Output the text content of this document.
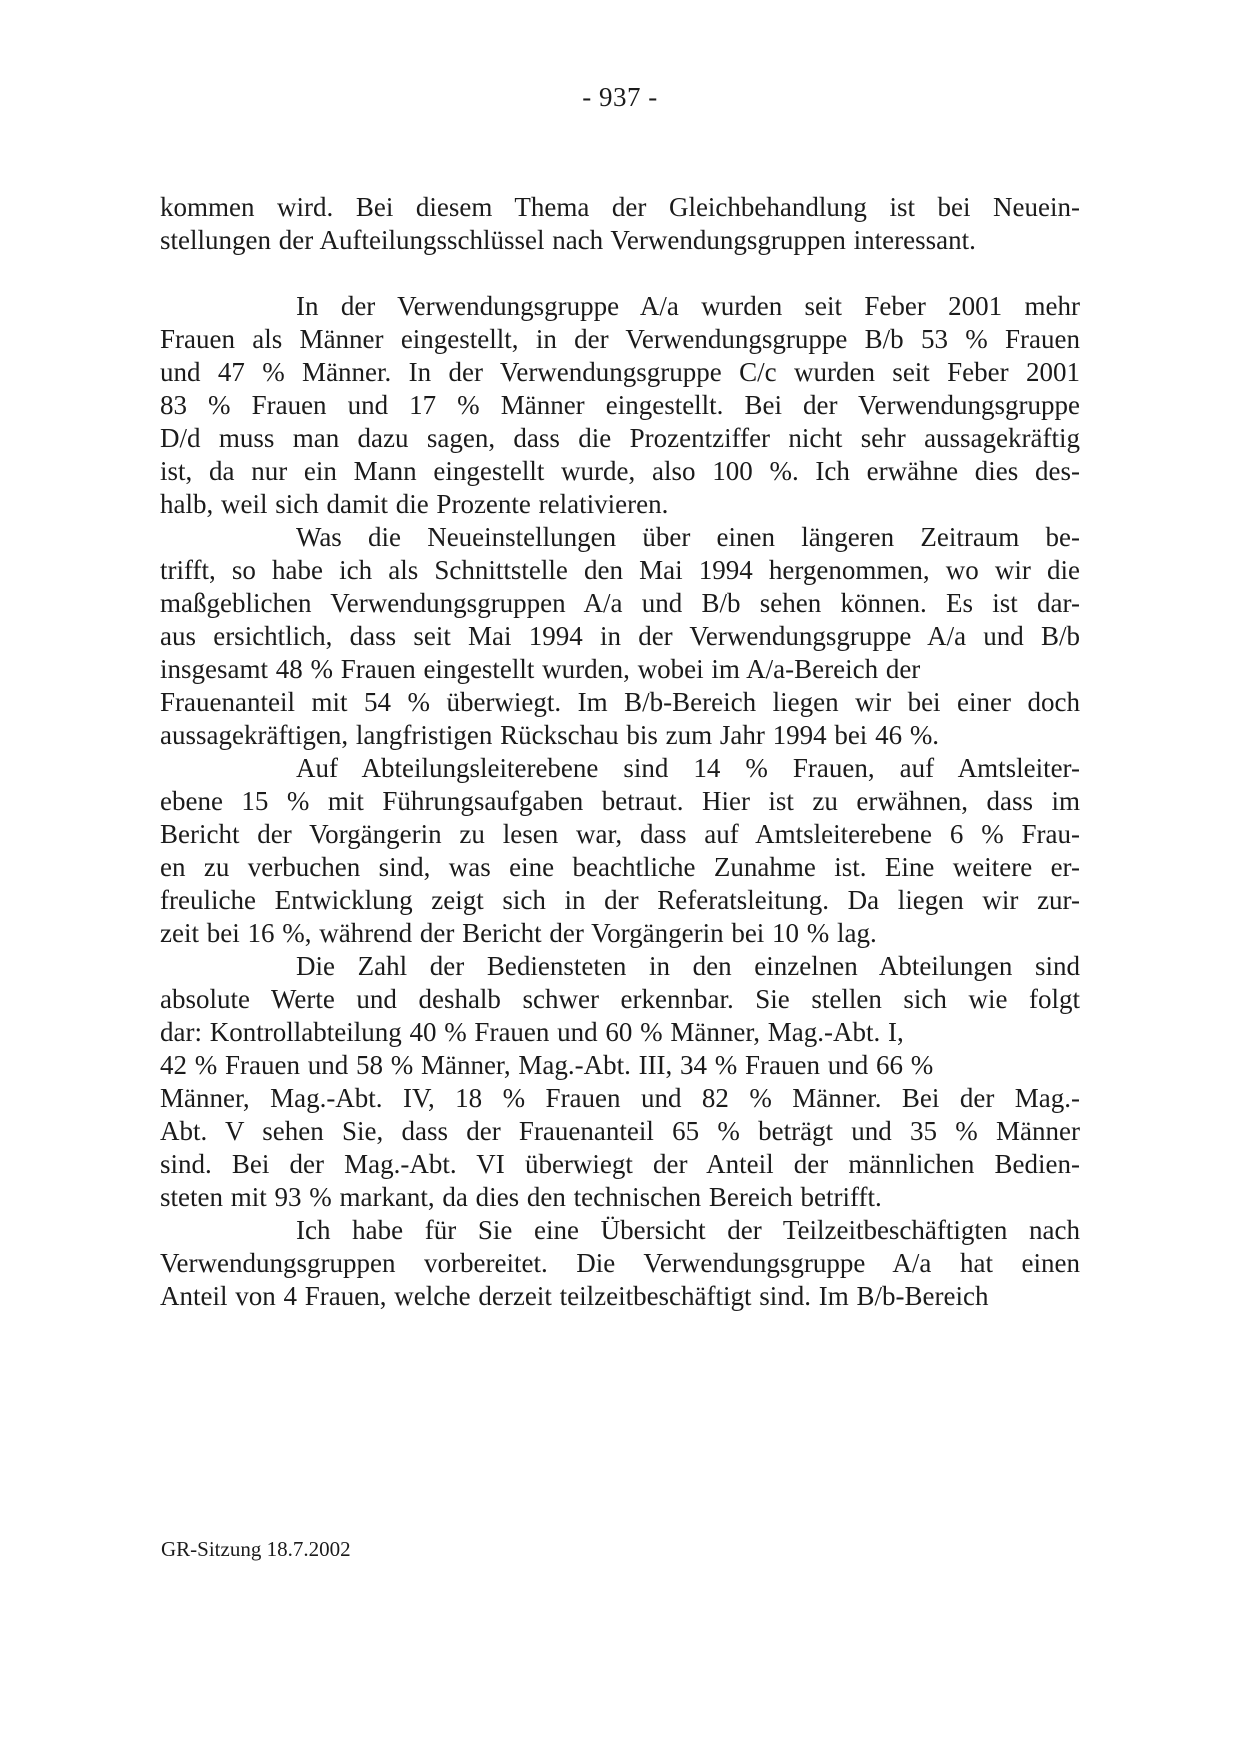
- 937 -
kommen wird. Bei diesem Thema der Gleichbehandlung ist bei Neuein-
stellungen der Aufteilungsschlüssel nach Verwendungsgruppen interessant.
In der Verwendungsgruppe A/a wurden seit Feber 2001 mehr
Frauen als Männer eingestellt, in der Verwendungsgruppe B/b 53 % Frauen
und 47 % Männer. In der Verwendungsgruppe C/c wurden seit Feber 2001
83 % Frauen und 17 % Männer eingestellt. Bei der Verwendungsgruppe
D/d muss man dazu sagen, dass die Prozentziffer nicht sehr aussagekräftig
ist, da nur ein Mann eingestellt wurde, also 100 %. Ich erwähne dies des-
halb, weil sich damit die Prozente relativieren.
Was die Neueinstellungen über einen längeren Zeitraum be-
trifft, so habe ich als Schnittstelle den Mai 1994 hergenommen, wo wir die
maßgeblichen Verwendungsgruppen A/a und B/b sehen können. Es ist dar-
aus ersichtlich, dass seit Mai 1994 in der Verwendungsgruppe A/a und B/b
insgesamt 48 % Frauen eingestellt wurden, wobei im A/a-Bereich der
Frauenanteil mit 54 % überwiegt. Im B/b-Bereich liegen wir bei einer doch
aussagekräftigen, langfristigen Rückschau bis zum Jahr 1994 bei 46 %.
Auf Abteilungsleiterebene sind 14 % Frauen, auf Amtsleiter-
ebene 15 % mit Führungsaufgaben betraut. Hier ist zu erwähnen, dass im
Bericht der Vorgängerin zu lesen war, dass auf Amtsleiterebene 6 % Frau-
en zu verbuchen sind, was eine beachtliche Zunahme ist. Eine weitere er-
freuliche Entwicklung zeigt sich in der Referatsleitung. Da liegen wir zur-
zeit bei 16 %, während der Bericht der Vorgängerin bei 10 % lag.
Die Zahl der Bediensteten in den einzelnen Abteilungen sind
absolute Werte und deshalb schwer erkennbar. Sie stellen sich wie folgt
dar: Kontrollabteilung 40 % Frauen und 60 % Männer, Mag.-Abt. I,
42 % Frauen und 58 % Männer, Mag.-Abt. III, 34 % Frauen und 66 %
Männer, Mag.-Abt. IV, 18 % Frauen und 82 % Männer. Bei der Mag.-
Abt. V sehen Sie, dass der Frauenanteil 65 % beträgt und 35 % Männer
sind. Bei der Mag.-Abt. VI überwiegt der Anteil der männlichen Bedien-
steten mit 93 % markant, da dies den technischen Bereich betrifft.
Ich habe für Sie eine Übersicht der Teilzeitbeschäftigten nach
Verwendungsgruppen vorbereitet. Die Verwendungsgruppe A/a hat einen
Anteil von 4 Frauen, welche derzeit teilzeitbeschäftigt sind. Im B/b-Bereich
GR-Sitzung 18.7.2002
